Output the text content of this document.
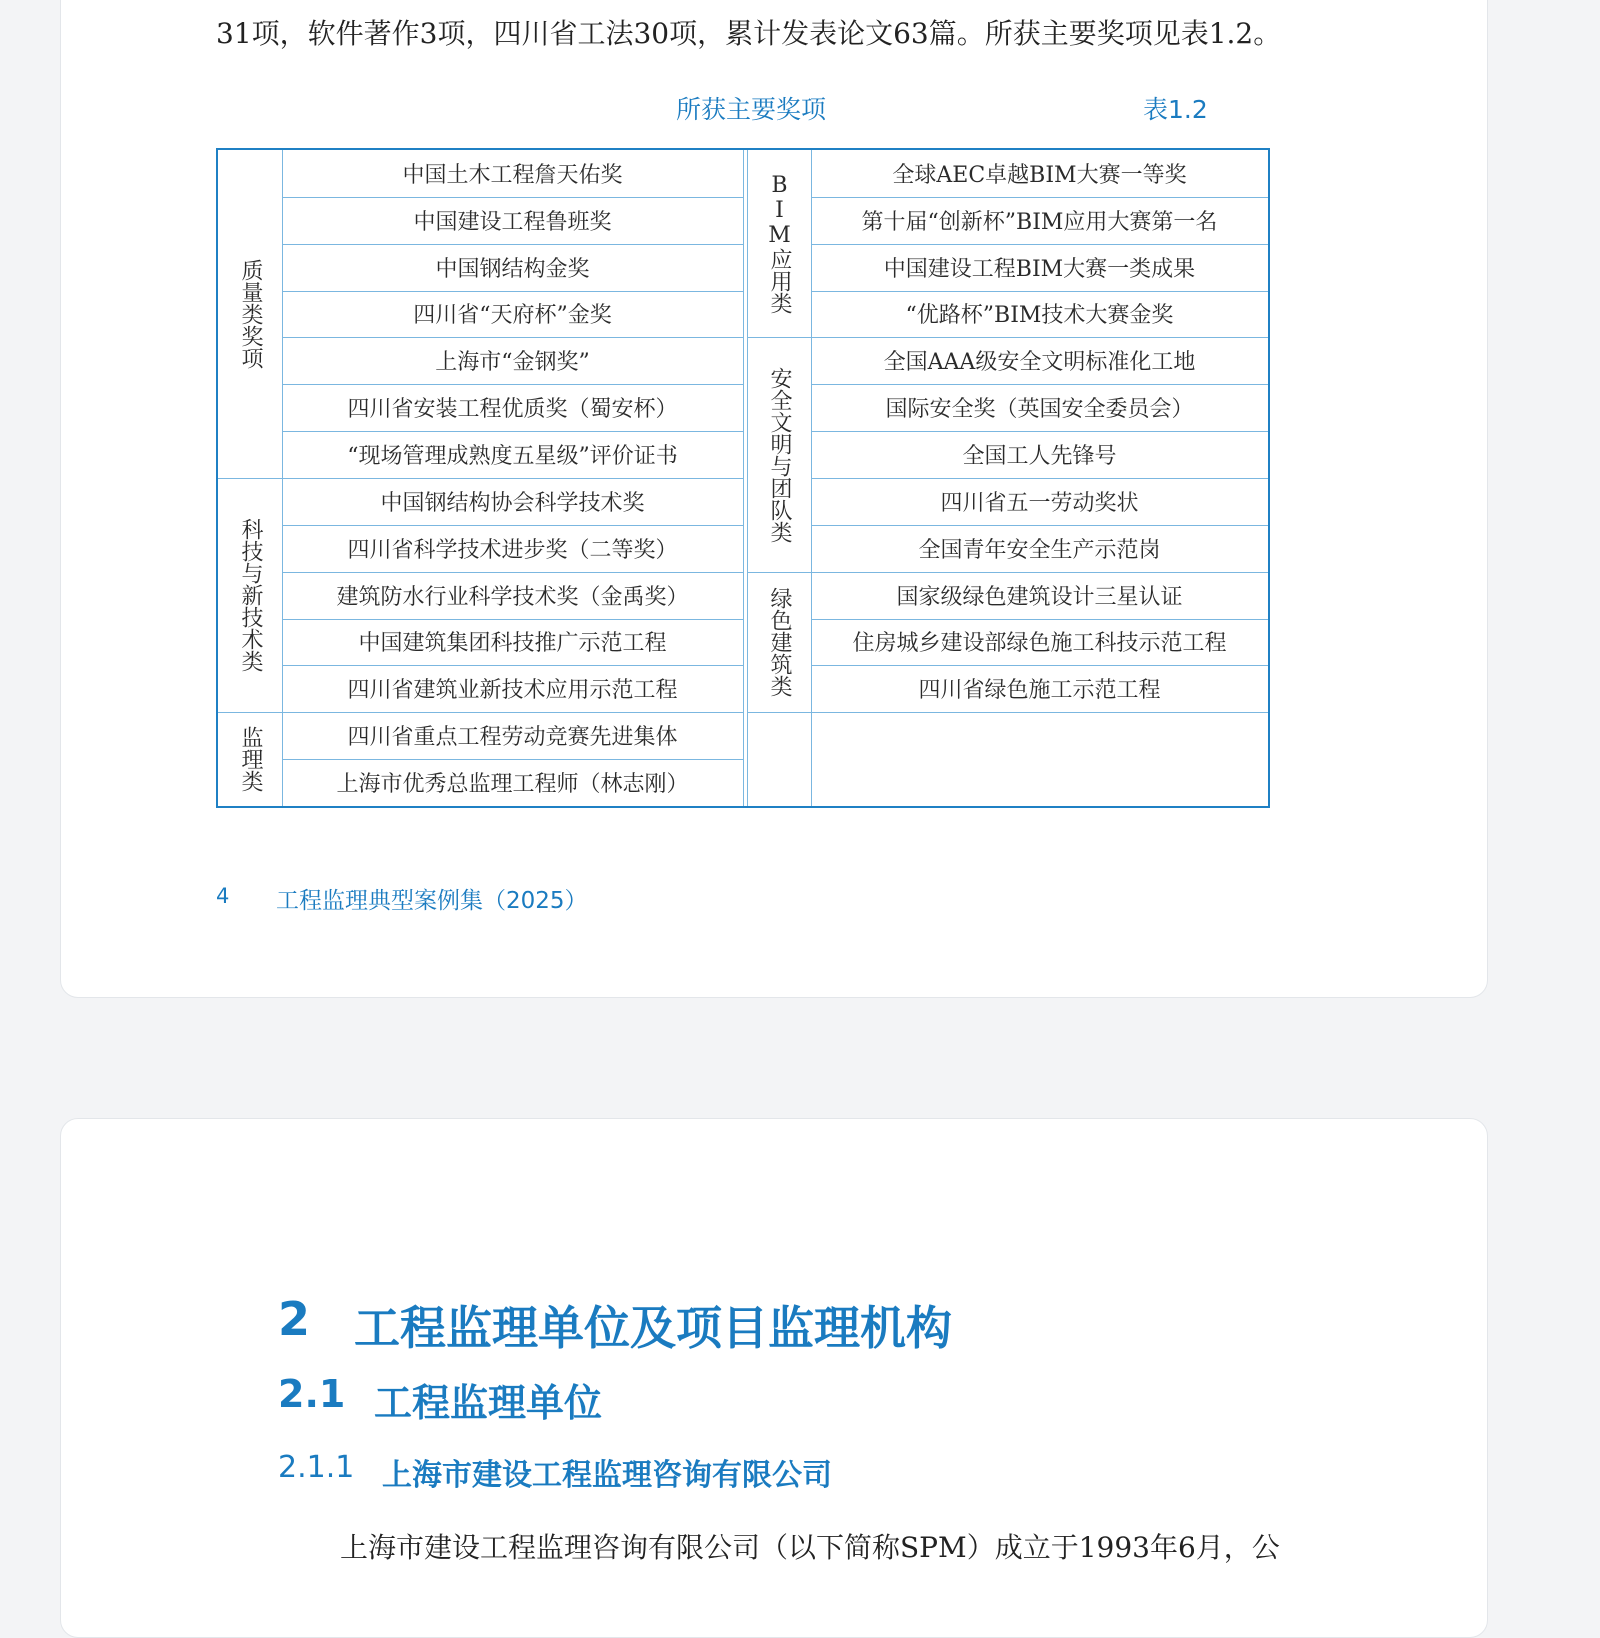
31项，软件著作3项，四川省工法30项，累计发表论文63篇。所获主要奖项见表1.2。
所获主要奖项	表1.2
中国土木工程詹天佑奖
中国建设工程鲁班奖
中国钢结构金奖
四川省“天府杯”金奖
上海市“金钢奖”
四川省安装工程优质奖（蜀安杯）
“现场管理成熟度五星级”评价证书
质量类奖项
中国钢结构协会科学技术奖
四川省科学技术进步奖（二等奖）
建筑防水行业科学技术奖（金禹奖）
中国建筑集团科技推广示范工程
四川省建筑业新技术应用示范工程
科技与新技术类
四川省重点工程劳动竞赛先进集体
上海市优秀总监理工程师（林志刚）
监理类
全球AEC卓越BIM大赛一等奖
第十届“创新杯”BIM应用大赛第一名
中国建设工程BIM大赛一类成果
“优路杯”BIM技术大赛金奖
BIM应用类
全国AAA级安全文明标准化工地
国际安全奖（英国安全委员会）
全国工人先锋号
四川省五一劳动奖状
全国青年安全生产示范岗
安全文明与团队类
国家级绿色建筑设计三星认证
住房城乡建设部绿色施工科技示范工程
四川省绿色施工示范工程
绿色建筑类
4 工程监理典型案例集（2025）
2 工程监理单位及项目监理机构
2.1 工程监理单位
2.1.1 上海市建设工程监理咨询有限公司
上海市建设工程监理咨询有限公司（以下简称SPM）成立于1993年6月，公
